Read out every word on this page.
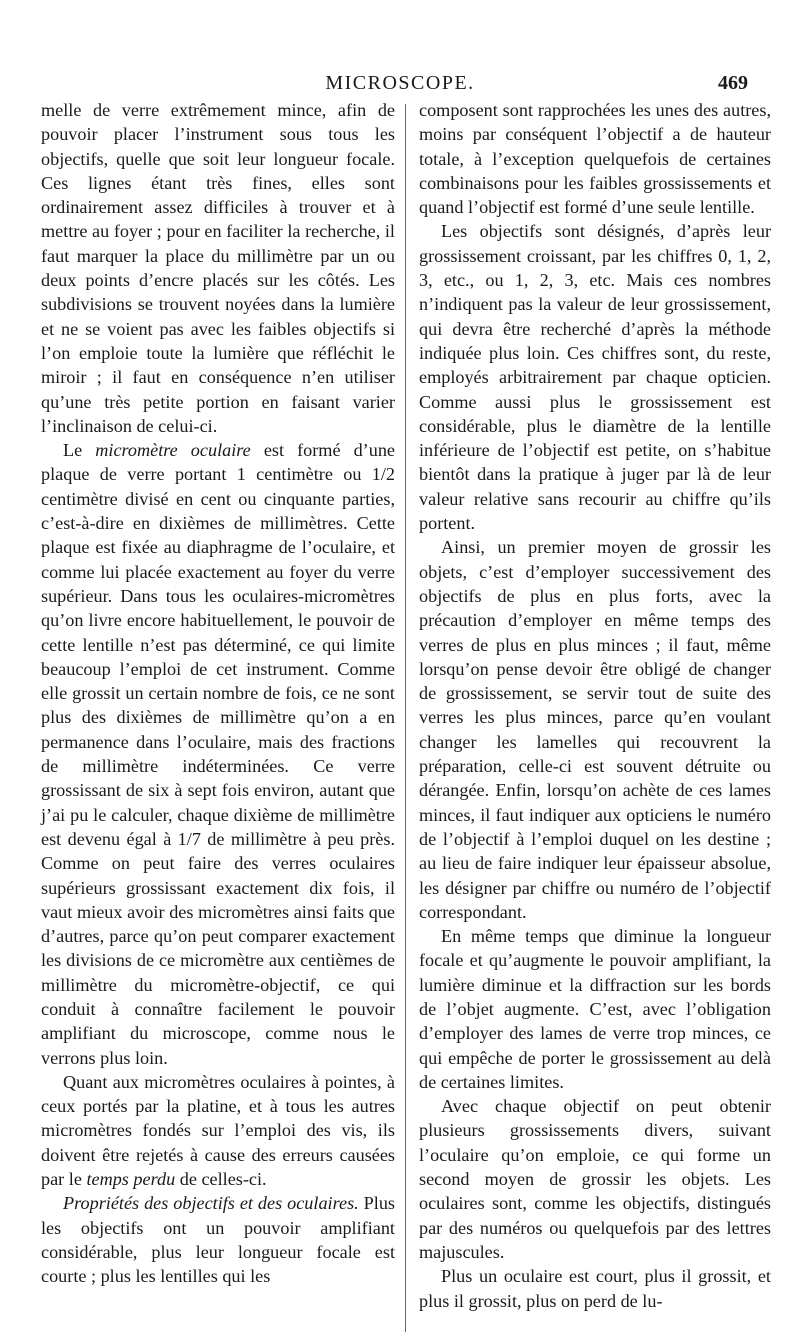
MICROSCOPE.	469

melle de verre extrêmement mince, afin de pouvoir placer l’instrument sous tous les objectifs, quelle que soit leur longueur focale. Ces lignes étant très fines, elles sont ordinairement assez difficiles à trouver et à mettre au foyer ; pour en faciliter la recherche, il faut marquer la place du millimètre par un ou deux points d’encre placés sur les côtés. Les subdivisions se trouvent noyées dans la lumière et ne se voient pas avec les faibles objectifs si l’on emploie toute la lumière que réfléchit le miroir ; il faut en conséquence n’en utiliser qu’une très petite portion en faisant varier l’inclinaison de celui-ci.

Le micromètre oculaire est formé d’une plaque de verre portant 1 centimètre ou 1/2 centimètre divisé en cent ou cinquante parties, c’est-à-dire en dixièmes de millimètres. Cette plaque est fixée au diaphragme de l’oculaire, et comme lui placée exactement au foyer du verre supérieur. Dans tous les oculaires-micromètres qu’on livre encore habituellement, le pouvoir de cette lentille n’est pas déterminé, ce qui limite beaucoup l’emploi de cet instrument. Comme elle grossit un certain nombre de fois, ce ne sont plus des dixièmes de millimètre qu’on a en permanence dans l’oculaire, mais des fractions de millimètre indéterminées. Ce verre grossissant de six à sept fois environ, autant que j’ai pu le calculer, chaque dixième de millimètre est devenu égal à 1/7 de millimètre à peu près. Comme on peut faire des verres oculaires supérieurs grossissant exactement dix fois, il vaut mieux avoir des micromètres ainsi faits que d’autres, parce qu’on peut comparer exactement les divisions de ce micromètre aux centièmes de millimètre du micromètre-objectif, ce qui conduit à connaître facilement le pouvoir amplifiant du microscope, comme nous le verrons plus loin.

Quant aux micromètres oculaires à pointes, à ceux portés par la platine, et à tous les autres micromètres fondés sur l’emploi des vis, ils doivent être rejetés à cause des erreurs causées par le temps perdu de celles-ci.

Propriétés des objectifs et des oculaires. Plus les objectifs ont un pouvoir amplifiant considérable, plus leur longueur focale est courte ; plus les lentilles qui les

composent sont rapprochées les unes des autres, moins par conséquent l’objectif a de hauteur totale, à l’exception quelquefois de certaines combinaisons pour les faibles grossissements et quand l’objectif est formé d’une seule lentille.

Les objectifs sont désignés, d’après leur grossissement croissant, par les chiffres 0, 1, 2, 3, etc., ou 1, 2, 3, etc. Mais ces nombres n’indiquent pas la valeur de leur grossissement, qui devra être recherché d’après la méthode indiquée plus loin. Ces chiffres sont, du reste, employés arbitrairement par chaque opticien. Comme aussi plus le grossissement est considérable, plus le diamètre de la lentille inférieure de l’objectif est petite, on s’habitue bientôt dans la pratique à juger par là de leur valeur relative sans recourir au chiffre qu’ils portent.

Ainsi, un premier moyen de grossir les objets, c’est d’employer successivement des objectifs de plus en plus forts, avec la précaution d’employer en même temps des verres de plus en plus minces ; il faut, même lorsqu’on pense devoir être obligé de changer de grossissement, se servir tout de suite des verres les plus minces, parce qu’en voulant changer les lamelles qui recouvrent la préparation, celle-ci est souvent détruite ou dérangée. Enfin, lorsqu’on achète de ces lames minces, il faut indiquer aux opticiens le numéro de l’objectif à l’emploi duquel on les destine ; au lieu de faire indiquer leur épaisseur absolue, les désigner par chiffre ou numéro de l’objectif correspondant.

En même temps que diminue la longueur focale et qu’augmente le pouvoir amplifiant, la lumière diminue et la diffraction sur les bords de l’objet augmente. C’est, avec l’obligation d’employer des lames de verre trop minces, ce qui empêche de porter le grossissement au delà de certaines limites.

Avec chaque objectif on peut obtenir plusieurs grossissements divers, suivant l’oculaire qu’on emploie, ce qui forme un second moyen de grossir les objets. Les oculaires sont, comme les objectifs, distingués par des numéros ou quelquefois par des lettres majuscules.

Plus un oculaire est court, plus il grossit, et plus il grossit, plus on perd de lu-
